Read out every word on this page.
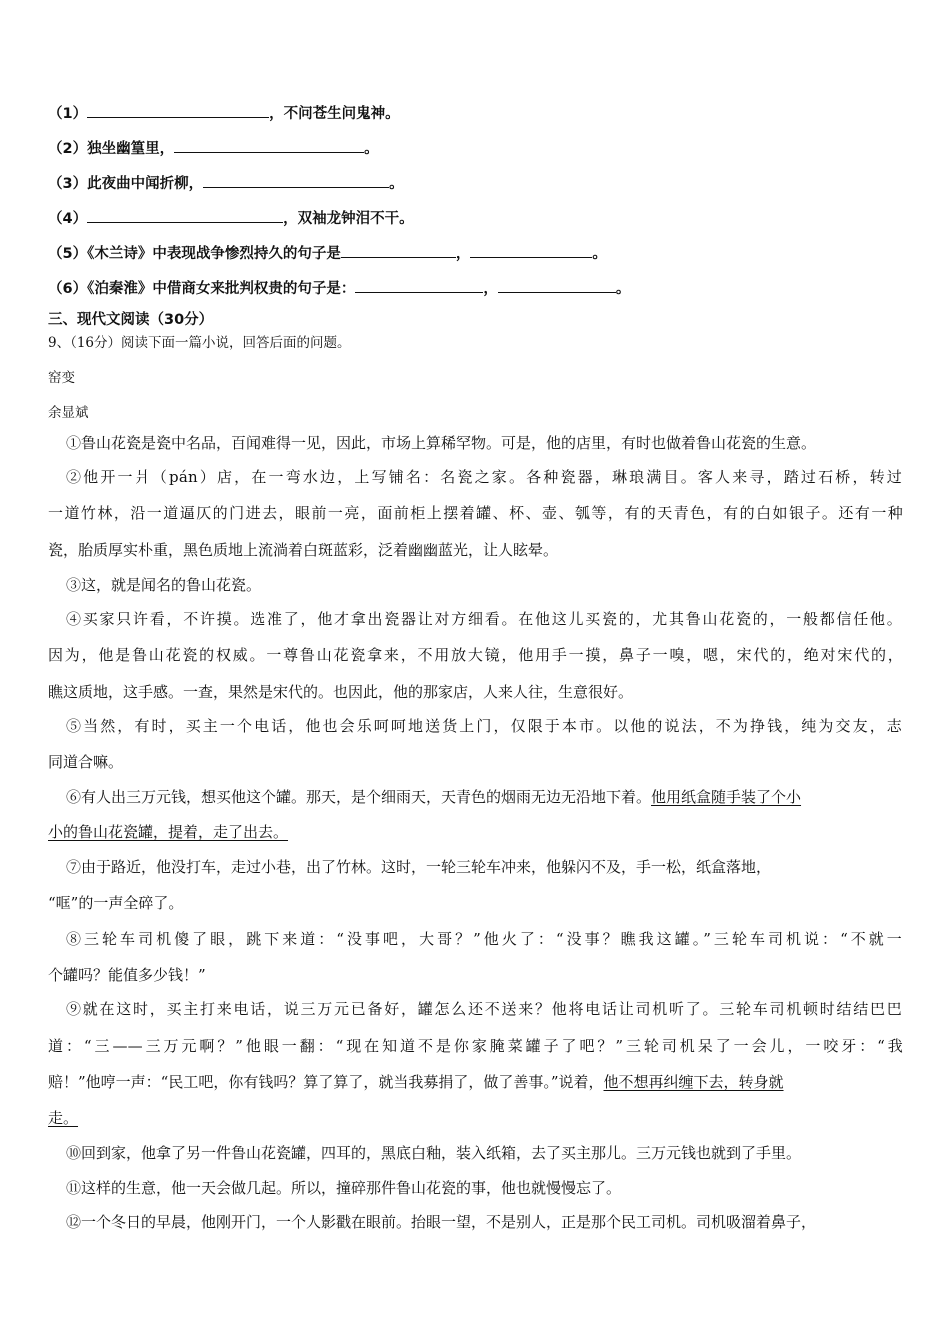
（1）	，不问苍生问鬼神。
（2）独坐幽篁里，	。
（3）此夜曲中闻折柳，	。
（4）	，双袖龙钟泪不干。
（5）《木兰诗》中表现战争惨烈持久的句子是	，	。
（6）《泊秦淮》中借商女来批判权贵的句子是：	，	。
三、现代文阅读（30分）
9、（16分）阅读下面一篇小说，回答后面的问题。
窑变
余显斌
①鲁山花瓷是瓷中名品，百闻难得一见，因此，市场上算稀罕物。可是，他的店里，有时也做着鲁山花瓷的生意。
②他开一爿（pán）店，在一弯水边，上写铺名：名瓷之家。各种瓷器，琳琅满目。客人来寻，踏过石桥，转过
一道竹林，沿一道逼仄的门进去，眼前一亮，面前柜上摆着罐、杯、壶、瓠等，有的天青色，有的白如银子。还有一种
瓷，胎质厚实朴重，黑色质地上流淌着白斑蓝彩，泛着幽幽蓝光，让人眩晕。
③这，就是闻名的鲁山花瓷。
④买家只许看，不许摸。选准了，他才拿出瓷器让对方细看。在他这儿买瓷的，尤其鲁山花瓷的，一般都信任他。
因为，他是鲁山花瓷的权威。一尊鲁山花瓷拿来，不用放大镜，他用手一摸，鼻子一嗅，嗯，宋代的，绝对宋代的，
瞧这质地，这手感。一查，果然是宋代的。也因此，他的那家店，人来人往，生意很好。
⑤当然，有时，买主一个电话，他也会乐呵呵地送货上门，仅限于本市。以他的说法，不为挣钱，纯为交友，志
同道合嘛。
⑥有人出三万元钱，想买他这个罐。那天，是个细雨天，天青色的烟雨无边无沿地下着。他用纸盒随手装了个小
小的鲁山花瓷罐，提着，走了出去。
⑦由于路近，他没打车，走过小巷，出了竹林。这时，一轮三轮车冲来，他躲闪不及，手一松，纸盒落地，
“哐”的一声全碎了。
⑧三轮车司机傻了眼，跳下来道：“没事吧，大哥？”他火了：“没事？瞧我这罐。”三轮车司机说：“不就一
个罐吗？能值多少钱！”
⑨就在这时，买主打来电话，说三万元已备好，罐怎么还不送来？他将电话让司机听了。三轮车司机顿时结结巴巴
道：“三——三万元啊？”他眼一翻：“现在知道不是你家腌菜罐子了吧？”三轮司机呆了一会儿，一咬牙：“我
赔！”他哼一声：“民工吧，你有钱吗？算了算了，就当我募捐了，做了善事。”说着，他不想再纠缠下去，转身就
走。
⑩回到家，他拿了另一件鲁山花瓷罐，四耳的，黑底白釉，装入纸箱，去了买主那儿。三万元钱也就到了手里。
⑪这样的生意，他一天会做几起。所以，撞碎那件鲁山花瓷的事，他也就慢慢忘了。
⑫一个冬日的早晨，他刚开门，一个人影戳在眼前。抬眼一望，不是别人，正是那个民工司机。司机吸溜着鼻子，
